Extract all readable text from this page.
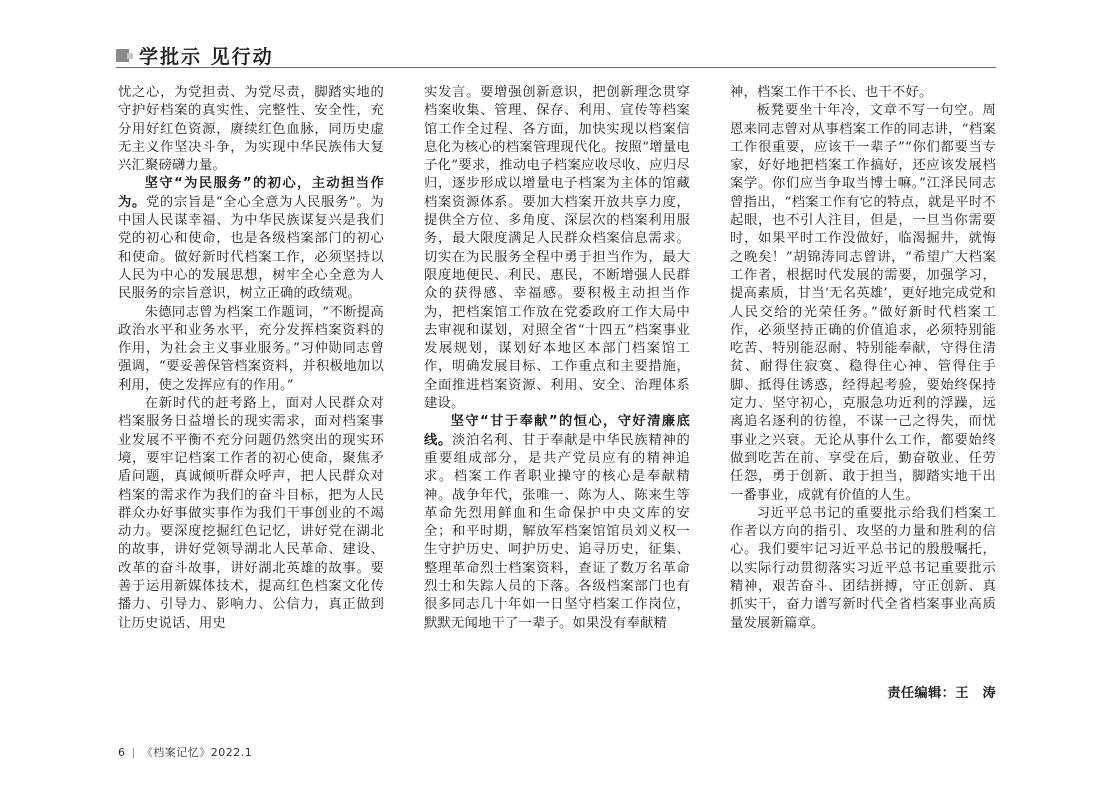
学批示 见行动

忧之心，为党担责、为党尽责，脚踏实地的守护好档案的真实性、完整性、安全性，充分用好红色资源，赓续红色血脉，同历史虚无主义作坚决斗争，为实现中华民族伟大复兴汇聚磅礴力量。

坚守“为民服务”的初心，主动担当作为。党的宗旨是“全心全意为人民服务”。为中国人民谋幸福、为中华民族谋复兴是我们党的初心和使命，也是各级档案部门的初心和使命。做好新时代档案工作，必须坚持以人民为中心的发展思想，树牢全心全意为人民服务的宗旨意识，树立正确的政绩观。

朱德同志曾为档案工作题词，“不断提高政治水平和业务水平，充分发挥档案资料的作用，为社会主义事业服务。”习仲勋同志曾强调，“要妥善保管档案资料，并积极地加以利用，使之发挥应有的作用。”

在新时代的赶考路上，面对人民群众对档案服务日益增长的现实需求，面对档案事业发展不平衡不充分问题仍然突出的现实环境，要牢记档案工作者的初心使命，聚焦矛盾问题，真诚倾听群众呼声，把人民群众对档案的需求作为我们的奋斗目标，把为人民群众办好事做实事作为我们干事创业的不竭动力。要深度挖掘红色记忆，讲好党在湖北的故事，讲好党领导湖北人民革命、建设、改革的奋斗故事，讲好湖北英雄的故事。要善于运用新媒体技术，提高红色档案文化传播力、引导力、影响力、公信力，真正做到让历史说话、用史

实发言。要增强创新意识，把创新理念贯穿档案收集、管理、保存、利用、宣传等档案馆工作全过程、各方面，加快实现以档案信息化为核心的档案管理现代化。按照“增量电子化”要求，推动电子档案应收尽收、应归尽归，逐步形成以增量电子档案为主体的馆藏档案资源体系。要加大档案开放共享力度，提供全方位、多角度、深层次的档案利用服务，最大限度满足人民群众档案信息需求。切实在为民服务全程中勇于担当作为，最大限度地便民、利民、惠民，不断增强人民群众的获得感、幸福感。要积极主动担当作为，把档案馆工作放在党委政府工作大局中去审视和谋划，对照全省“十四五”档案事业发展规划，谋划好本地区本部门档案馆工作，明确发展目标、工作重点和主要措施，全面推进档案资源、利用、安全、治理体系建设。

坚守“甘于奉献”的恒心，守好清廉底线。淡泊名利、甘于奉献是中华民族精神的重要组成部分，是共产党员应有的精神追求。档案工作者职业操守的核心是奉献精神。战争年代，张唯一、陈为人、陈来生等革命先烈用鲜血和生命保护中央文库的安全；和平时期，解放军档案馆馆员刘义权一生守护历史、呵护历史、追寻历史，征集、整理革命烈士档案资料，查证了数万名革命烈士和失踪人员的下落。各级档案部门也有很多同志几十年如一日坚守档案工作岗位，默默无闻地干了一辈子。如果没有奉献精

神，档案工作干不长、也干不好。

板凳要坐十年冷，文章不写一句空。周恩来同志曾对从事档案工作的同志讲，“档案工作很重要，应该干一辈子”“你们都要当专家，好好地把档案工作搞好，还应该发展档案学。你们应当争取当博士嘛。”江泽民同志曾指出，“档案工作有它的特点，就是平时不起眼，也不引人注目，但是，一旦当你需要时，如果平时工作没做好，临渴掘井，就悔之晚矣！”胡锦涛同志曾讲，“希望广大档案工作者，根据时代发展的需要，加强学习，提高素质，甘当‘无名英雄’，更好地完成党和人民交给的光荣任务。”做好新时代档案工作，必须坚持正确的价值追求，必须特别能吃苦、特别能忍耐、特别能奉献，守得住清贫、耐得住寂寞、稳得住心神、管得住手脚、抵得住诱惑，经得起考验，要始终保持定力、坚守初心，克服急功近利的浮躁，远离追名逐利的彷徨，不谋一己之得失，而忧事业之兴衰。无论从事什么工作，都要始终做到吃苦在前、享受在后，勤奋敬业、任劳任怨，勇于创新、敢于担当，脚踏实地干出一番事业，成就有价值的人生。

习近平总书记的重要批示给我们档案工作者以方向的指引、攻坚的力量和胜利的信心。我们要牢记习近平总书记的殷殷嘱托，以实际行动贯彻落实习近平总书记重要批示精神，艰苦奋斗、团结拼搏，守正创新、真抓实干，奋力谱写新时代全省档案事业高质量发展新篇章。

责任编辑：王　涛
6 | 《档案记忆》2022.1
